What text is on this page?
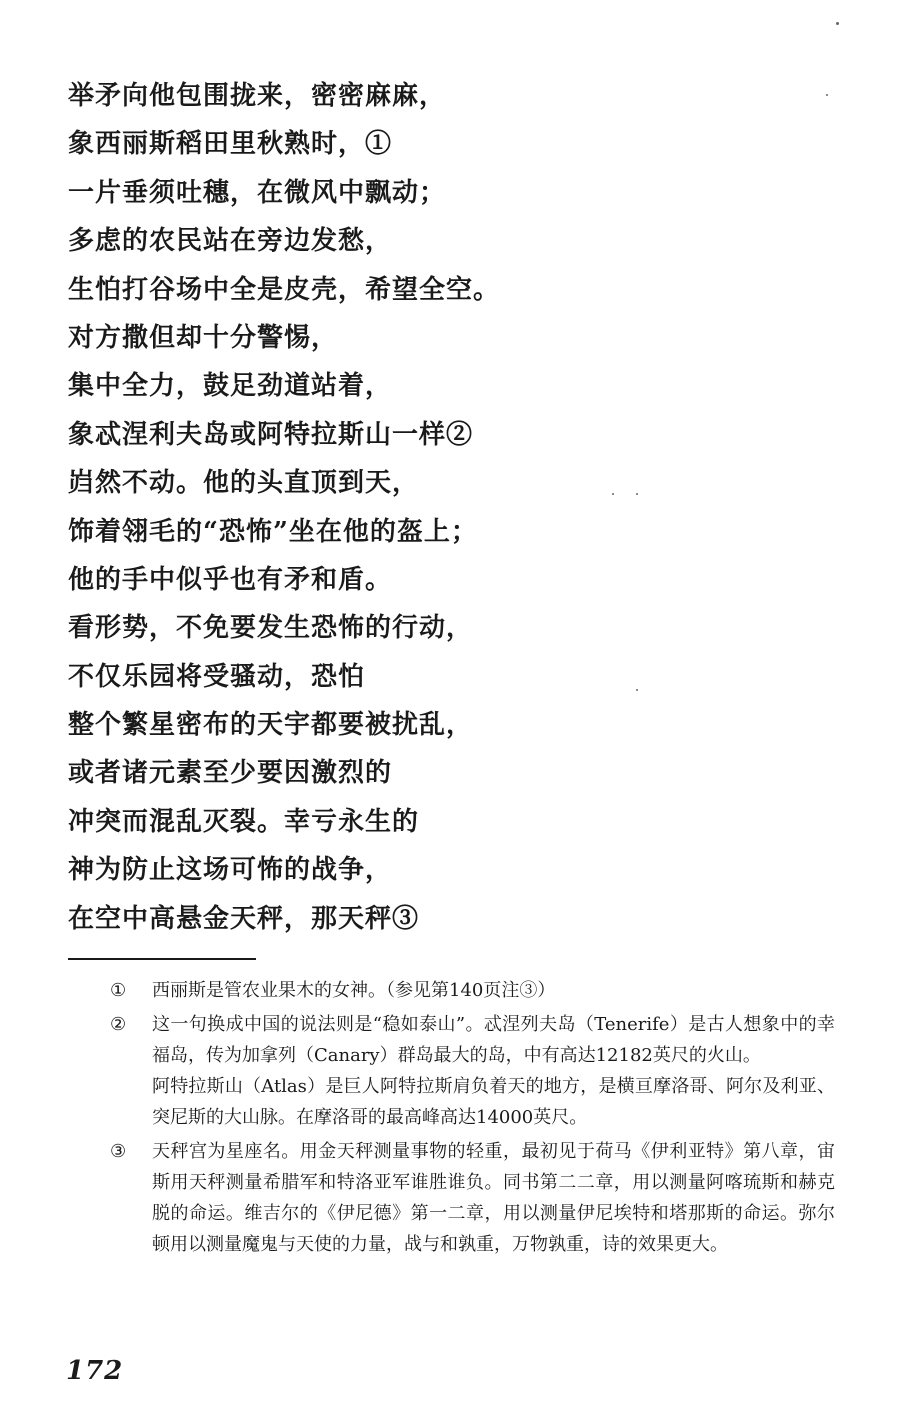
举矛向他包围拢来，密密麻麻，
象西丽斯稻田里秋熟时，①
一片垂须吐穗，在微风中飘动；
多虑的农民站在旁边发愁，
生怕打谷场中全是皮壳，希望全空。
对方撒但却十分警惕，
集中全力，鼓足劲道站着，
象忒涅利夫岛或阿特拉斯山一样②
岿然不动。他的头直顶到天，
饰着翎毛的“恐怖”坐在他的盔上；
他的手中似乎也有矛和盾。
看形势，不免要发生恐怖的行动，
不仅乐园将受骚动，恐怕
整个繁星密布的天宇都要被扰乱，
或者诸元素至少要因激烈的
冲突而混乱灭裂。幸亏永生的
神为防止这场可怖的战争，
在空中高悬金天秤，那天秤③
①	西丽斯是管农业果木的女神。（参见第140页注③）
②	这一句换成中国的说法则是“稳如泰山”。忒涅列夫岛（Tenerife）是古人想象中的幸福岛，传为加拿列（Canary）群岛最大的岛，中有高达12182英尺的火山。
阿特拉斯山（Atlas）是巨人阿特拉斯肩负着天的地方，是横亘摩洛哥、阿尔及利亚、突尼斯的大山脉。在摩洛哥的最高峰高达14000英尺。
③	天秤宫为星座名。用金天秤测量事物的轻重，最初见于荷马《伊利亚特》第八章，宙斯用天秤测量希腊军和特洛亚军谁胜谁负。同书第二二章，用以测量阿喀琉斯和赫克脱的命运。维吉尔的《伊尼德》第一二章，用以测量伊尼埃特和塔那斯的命运。弥尔顿用以测量魔鬼与天使的力量，战与和孰重，万物孰重，诗的效果更大。
172
